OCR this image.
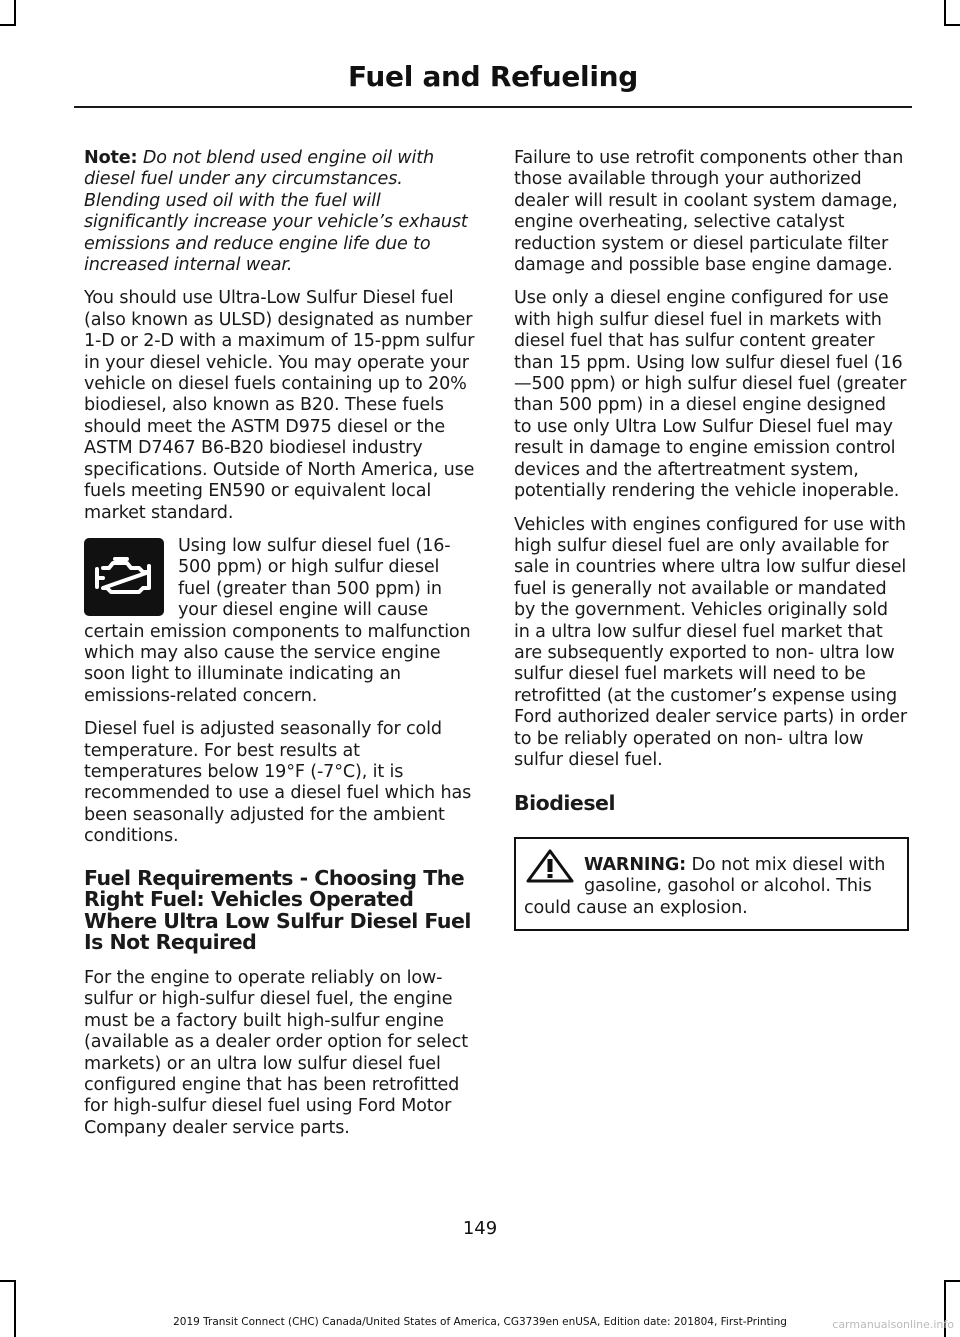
Fuel and Refueling

Note: Do not blend used engine oil with diesel fuel under any circumstances. Blending used oil with the fuel will significantly increase your vehicle’s exhaust emissions and reduce engine life due to increased internal wear.

You should use Ultra-Low Sulfur Diesel fuel (also known as ULSD) designated as number 1-D or 2-D with a maximum of 15-ppm sulfur in your diesel vehicle. You may operate your vehicle on diesel fuels containing up to 20% biodiesel, also known as B20. These fuels should meet the ASTM D975 diesel or the ASTM D7467 B6-B20 biodiesel industry specifications. Outside of North America, use fuels meeting EN590 or equivalent local market standard.

Using low sulfur diesel fuel (16-500 ppm) or high sulfur diesel fuel (greater than 500 ppm) in your diesel engine will cause certain emission components to malfunction which may also cause the service engine soon light to illuminate indicating an emissions-related concern.

Diesel fuel is adjusted seasonally for cold temperature. For best results at temperatures below 19°F (-7°C), it is recommended to use a diesel fuel which has been seasonally adjusted for the ambient conditions.

Fuel Requirements - Choosing The Right Fuel: Vehicles Operated Where Ultra Low Sulfur Diesel Fuel Is Not Required

For the engine to operate reliably on low-sulfur or high-sulfur diesel fuel, the engine must be a factory built high-sulfur engine (available as a dealer order option for select markets) or an ultra low sulfur diesel fuel configured engine that has been retrofitted for high-sulfur diesel fuel using Ford Motor Company dealer service parts.

Failure to use retrofit components other than those available through your authorized dealer will result in coolant system damage, engine overheating, selective catalyst reduction system or diesel particulate filter damage and possible base engine damage.

Use only a diesel engine configured for use with high sulfur diesel fuel in markets with diesel fuel that has sulfur content greater than 15 ppm. Using low sulfur diesel fuel (16—500 ppm) or high sulfur diesel fuel (greater than 500 ppm) in a diesel engine designed to use only Ultra Low Sulfur Diesel fuel may result in damage to engine emission control devices and the aftertreatment system, potentially rendering the vehicle inoperable.

Vehicles with engines configured for use with high sulfur diesel fuel are only available for sale in countries where ultra low sulfur diesel fuel is generally not available or mandated by the government. Vehicles originally sold in a ultra low sulfur diesel fuel market that are subsequently exported to non- ultra low sulfur diesel fuel markets will need to be retrofitted (at the customer’s expense using Ford authorized dealer service parts) in order to be reliably operated on non- ultra low sulfur diesel fuel.

Biodiesel
WARNING: Do not mix diesel with gasoline, gasohol or alcohol. This could cause an explosion.
149
2019 Transit Connect (CHC) Canada/United States of America, CG3739en enUSA, Edition date: 201804, First-Printing	carmanualsonline.info
